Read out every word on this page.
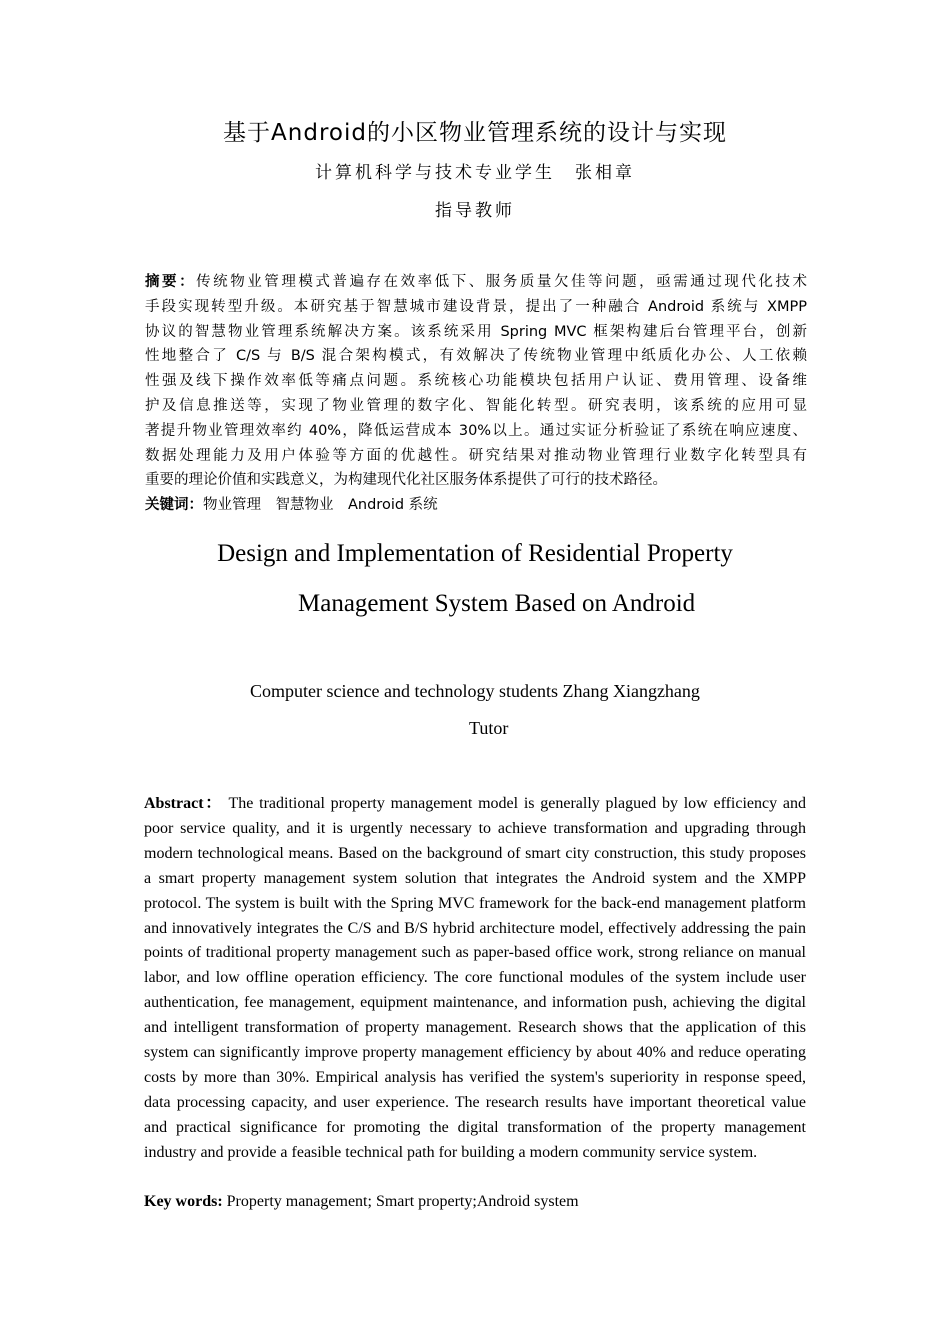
基于Android的小区物业管理系统的设计与实现
计算机科学与技术专业学生　张相章
指导教师
摘要：传统物业管理模式普遍存在效率低下、服务质量欠佳等问题，亟需通过现代化技术
手段实现转型升级。本研究基于智慧城市建设背景，提出了一种融合 Android 系统与 XMPP
协议的智慧物业管理系统解决方案。该系统采用 Spring MVC 框架构建后台管理平台，创新
性地整合了 C/S 与 B/S 混合架构模式，有效解决了传统物业管理中纸质化办公、人工依赖
性强及线下操作效率低等痛点问题。系统核心功能模块包括用户认证、费用管理、设备维
护及信息推送等，实现了物业管理的数字化、智能化转型。研究表明，该系统的应用可显
著提升物业管理效率约 40%，降低运营成本 30%以上。通过实证分析验证了系统在响应速度、
数据处理能力及用户体验等方面的优越性。研究结果对推动物业管理行业数字化转型具有
重要的理论价值和实践意义，为构建现代化社区服务体系提供了可行的技术路径。
关键词：物业管理　智慧物业　Android 系统
Design and Implementation of Residential Property
Management System Based on Android
Computer science and technology students Zhang Xiangzhang
Tutor
Abstract： The traditional property management model is generally plagued by low efficiency and poor service quality, and it is urgently necessary to achieve transformation and upgrading through modern technological means. Based on the background of smart city construction, this study proposes a smart property management system solution that integrates the Android system and the XMPP protocol. The system is built with the Spring MVC framework for the back-end management platform and innovatively integrates the C/S and B/S hybrid architecture model, effectively addressing the pain points of traditional property management such as paper-based office work, strong reliance on manual labor, and low offline operation efficiency. The core functional modules of the system include user authentication, fee management, equipment maintenance, and information push, achieving the digital and intelligent transformation of property management. Research shows that the application of this system can significantly improve property management efficiency by about 40% and reduce operating costs by more than 30%. Empirical analysis has verified the system's superiority in response speed, data processing capacity, and user experience. The research results have important theoretical value and practical significance for promoting the digital transformation of the property management industry and provide a feasible technical path for building a modern community service system.
Key words: Property management; Smart property;Android system
